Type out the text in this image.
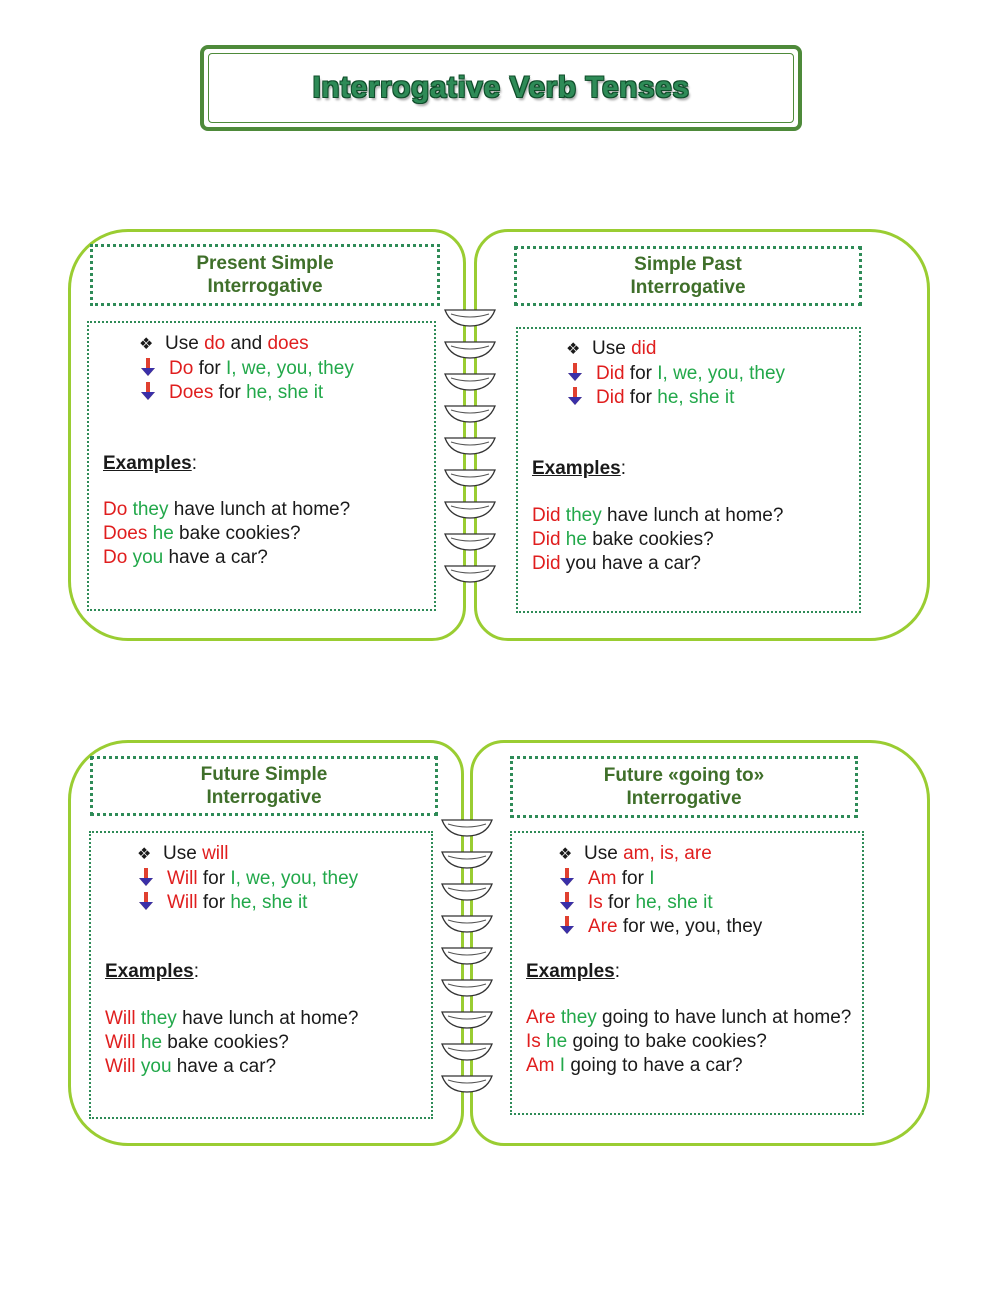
Interrogative Verb Tenses
Present Simple
Interrogative
Simple Past
Interrogative
Future Simple
Interrogative
Future «going to»
Interrogative
❖ Use do and does
Do for I, we, you, they
Does for he, she it
Examples:
Do they have lunch at home?
Does he bake cookies?
Do you have a car?
❖ Use did
Did for I, we, you, they
Did for he, she it
Examples:
Did they have lunch at home?
Did he bake cookies?
Did you have a car?
❖ Use will
Will for I, we, you, they
Will for he, she it
Examples:
Will they have lunch at home?
Will he bake cookies?
Will you have a car?
❖ Use am, is, are
Am for I
Is for he, she it
Are for we, you, they
Examples:
Are they going to have lunch at home?
Is he going to bake cookies?
Am I going to have a car?
